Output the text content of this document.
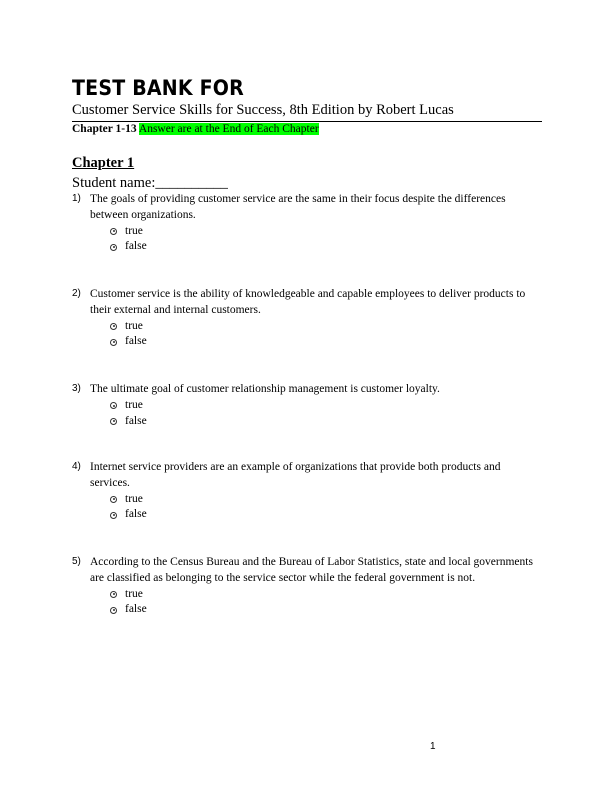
TEST BANK FOR
Customer Service Skills for Success, 8th Edition by Robert Lucas
Chapter 1-13 Answer are at the End of Each Chapter
Chapter 1
Student name:__________
1) The goals of providing customer service are the same in their focus despite the differences between organizations.
true
false
2) Customer service is the ability of knowledgeable and capable employees to deliver products to their external and internal customers.
true
false
3) The ultimate goal of customer relationship management is customer loyalty.
true
false
4) Internet service providers are an example of organizations that provide both products and services.
true
false
5) According to the Census Bureau and the Bureau of Labor Statistics, state and local governments are classified as belonging to the service sector while the federal government is not.
true
false
1
